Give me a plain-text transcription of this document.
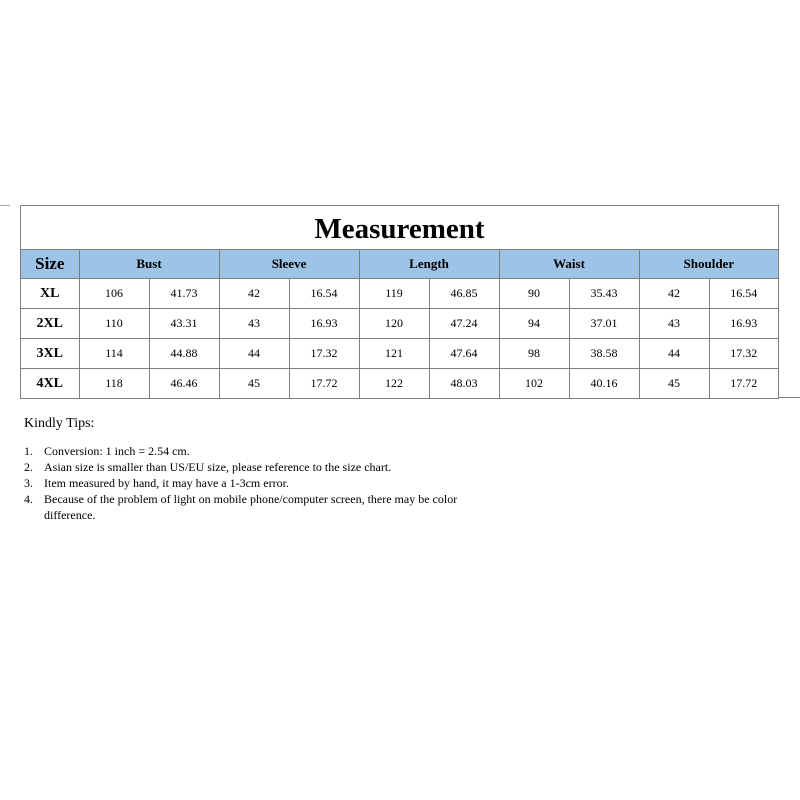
Measurement
Size	Bust		Sleeve		Length		Waist		Shoulder	
XL	106	41.73	42	16.54	119	46.85	90	35.43	42	16.54
2XL	110	43.31	43	16.93	120	47.24	94	37.01	43	16.93
3XL	114	44.88	44	17.32	121	47.64	98	38.58	44	17.32
4XL	118	46.46	45	17.72	122	48.03	102	40.16	45	17.72
Kindly Tips:
1. Conversion: 1 inch = 2.54 cm.
2. Asian size is smaller than US/EU size, please reference to the size chart.
3. Item measured by hand, it may have a 1-3cm error.
4. Because of the problem of light on mobile phone/computer screen, there may be color difference.
